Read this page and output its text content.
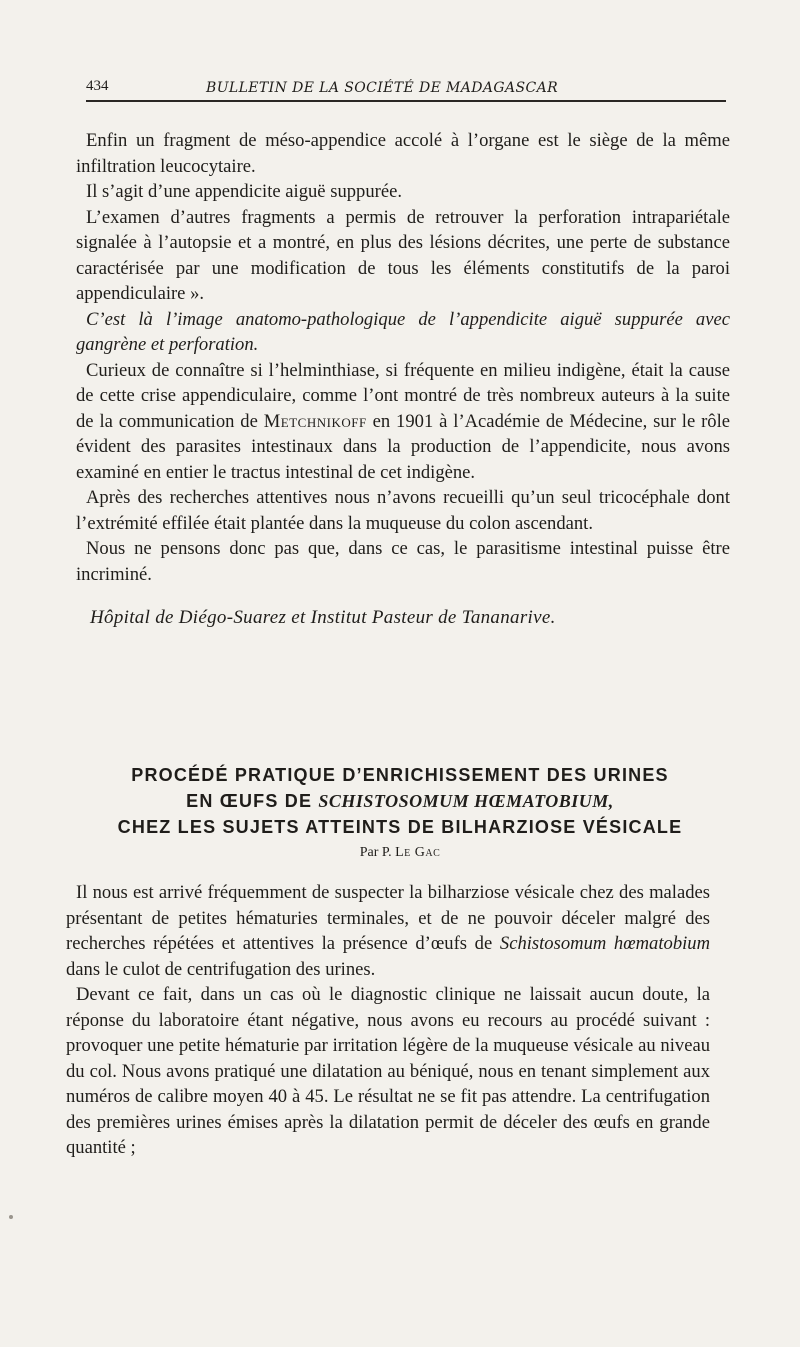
434	BULLETIN DE LA SOCIÉTÉ DE MADAGASCAR

Enfin un fragment de méso-appendice accolé à l’organe est le siège de la même infiltration leucocytaire.

Il s’agit d’une appendicite aiguë suppurée.

L’examen d’autres fragments a permis de retrouver la perforation intrapariétale signalée à l’autopsie et a montré, en plus des lésions décrites, une perte de substance caractérisée par une modification de tous les éléments constitutifs de la paroi appendiculaire ».

C’est là l’image anatomo-pathologique de l’appendicite aiguë suppurée avec gangrène et perforation.

Curieux de connaître si l’helminthiase, si fréquente en milieu indigène, était la cause de cette crise appendiculaire, comme l’ont montré de très nombreux auteurs à la suite de la communication de Metchnikoff en 1901 à l’Académie de Médecine, sur le rôle évident des parasites intestinaux dans la production de l’appendicite, nous avons examiné en entier le tractus intestinal de cet indigène.

Après des recherches attentives nous n’avons recueilli qu’un seul tricocéphale dont l’extrémité effilée était plantée dans la muqueuse du colon ascendant.

Nous ne pensons donc pas que, dans ce cas, le parasitisme intestinal puisse être incriminé.

Hôpital de Diégo-Suarez et Institut Pasteur de Tananarive.

PROCÉDÉ PRATIQUE D’ENRICHISSEMENT DES URINES
EN ŒUFS DE SCHISTOSOMUM HŒMATOBIUM,
CHEZ LES SUJETS ATTEINTS DE BILHARZIOSE VÉSICALE
Par P. Le Gac

Il nous est arrivé fréquemment de suspecter la bilharziose vésicale chez des malades présentant de petites hématuries terminales, et de ne pouvoir déceler malgré des recherches répétées et attentives la présence d’œufs de Schistosomum hœmatobium dans le culot de centrifugation des urines.

Devant ce fait, dans un cas où le diagnostic clinique ne laissait aucun doute, la réponse du laboratoire étant négative, nous avons eu recours au procédé suivant : provoquer une petite hématurie par irritation légère de la muqueuse vésicale au niveau du col. Nous avons pratiqué une dilatation au béniqué, nous en tenant simplement aux numéros de calibre moyen 40 à 45. Le résultat ne se fit pas attendre. La centrifugation des premières urines émises après la dilatation permit de déceler des œufs en grande quantité ;
